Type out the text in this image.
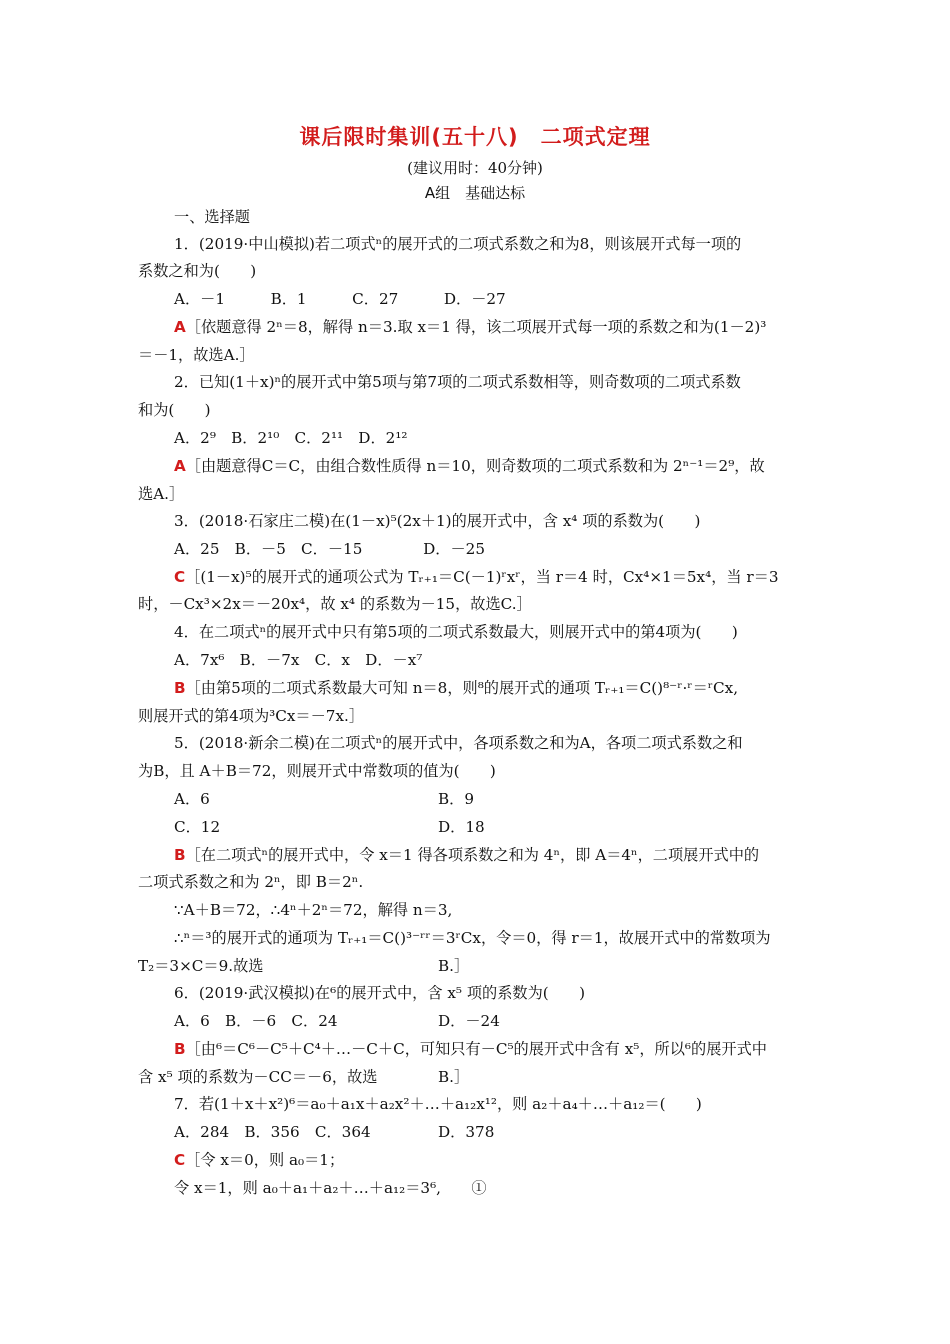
课后限时集训(五十八)　二项式定理
(建议用时：40分钟)
A组　基础达标
一、选择题
1．(2019·中山模拟)若二项式ⁿ的展开式的二项式系数之和为8，则该展开式每一项的
系数之和为(　　)
A．－1　　　B．1　　　C．27　　　D．－27
A［依题意得 2ⁿ＝8，解得 n＝3.取 x＝1 得，该二项展开式每一项的系数之和为(1－2)³
＝－1，故选A.］
2．已知(1＋x)ⁿ的展开式中第5项与第7项的二项式系数相等，则奇数项的二项式系数
和为(　　)
A．2⁹　B．2¹⁰　C．2¹¹　D．2¹²
A［由题意得C＝C，由组合数性质得 n＝10，则奇数项的二项式系数和为 2ⁿ⁻¹＝2⁹，故
选A.］
3．(2018·石家庄二模)在(1－x)⁵(2x＋1)的展开式中，含 x⁴ 项的系数为(　　)
A．25　B．－5　C．－15　　　　D．－25
C［(1－x)⁵的展开式的通项公式为 Tᵣ₊₁＝C(－1)ʳxʳ，当 r＝4 时，Cx⁴×1＝5x⁴，当 r＝3
时，－Cx³×2x＝－20x⁴，故 x⁴ 的系数为－15，故选C.］
4．在二项式ⁿ的展开式中只有第5项的二项式系数最大，则展开式中的第4项为(　　)
A．7x⁶　B．－7x　C．x　D．－x⁷
B［由第5项的二项式系数最大可知 n＝8，则⁸的展开式的通项 Tᵣ₊₁＝C()⁸⁻ʳ·ʳ＝ʳCx,
则展开式的第4项为³Cx＝－7x.］
5．(2018·新余二模)在二项式ⁿ的展开式中，各项系数之和为A，各项二项式系数之和
为B，且 A＋B＝72，则展开式中常数项的值为(　　)
A．6	B．9
C．12	D．18
B［在二项式ⁿ的展开式中，令 x＝1 得各项系数之和为 4ⁿ，即 A＝4ⁿ，二项展开式中的
二项式系数之和为 2ⁿ，即 B＝2ⁿ.
∵A＋B＝72，∴4ⁿ＋2ⁿ＝72，解得 n＝3,
∴ⁿ＝³的展开式的通项为 Tᵣ₊₁＝C()³⁻ʳʳ＝3ʳCx，令＝0，得 r＝1，故展开式中的常数项为
T₂＝3×C＝9.故选	B.］
6．(2019·武汉模拟)在⁶的展开式中，含 x⁵ 项的系数为(　　)
A．6　B．－6　C．24	D．－24
B［由⁶＝C⁶－C⁵＋C⁴＋…－C＋C，可知只有－C⁵的展开式中含有 x⁵，所以⁶的展开式中
含 x⁵ 项的系数为－CC＝－6，故选	B.］
7．若(1＋x＋x²)⁶＝a₀＋a₁x＋a₂x²＋…＋a₁₂x¹²，则 a₂＋a₄＋…＋a₁₂＝(　　)
A．284　B．356　C．364	D．378
C［令 x＝0，则 a₀＝1；
令 x＝1，则 a₀＋a₁＋a₂＋…＋a₁₂＝3⁶,　　①
